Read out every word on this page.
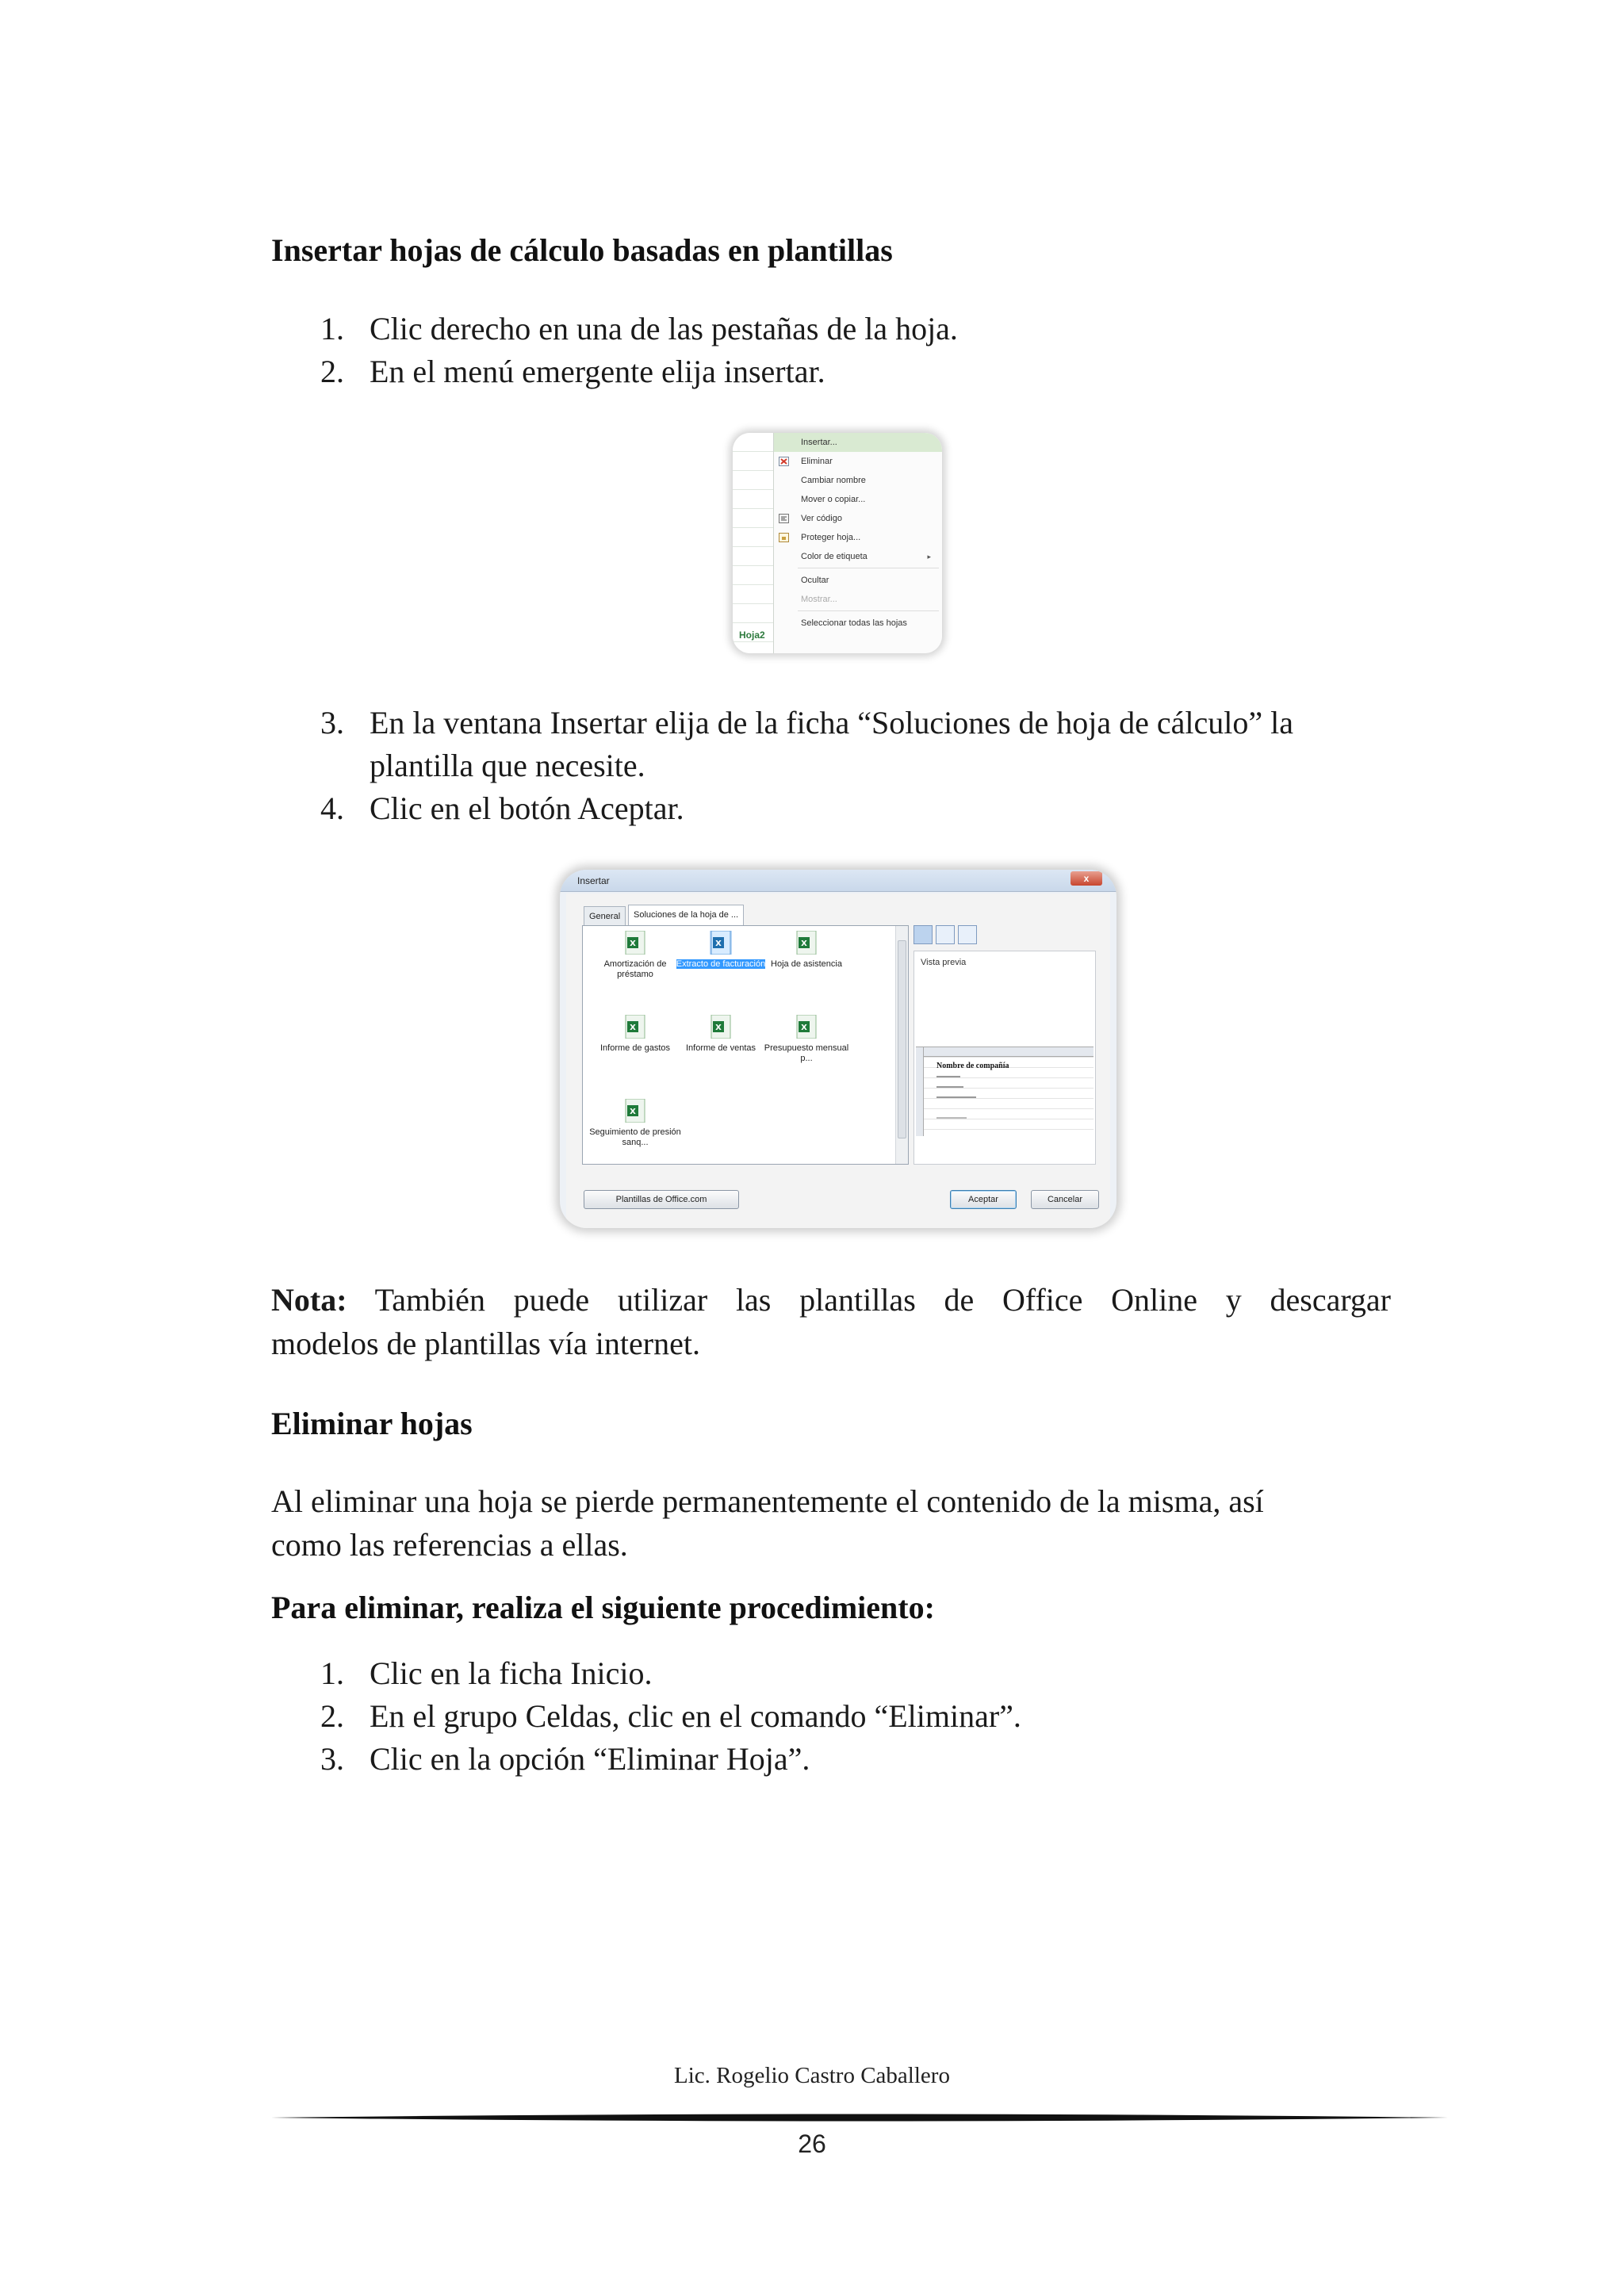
Insertar hojas de cálculo basadas en plantillas
1. Clic derecho en una de las pestañas de la hoja.
2. En el menú emergente elija insertar.
Insertar...
Eliminar
Cambiar nombre
Mover o copiar...
Ver código
Proteger hoja...
Color de etiqueta	▸
Ocultar
Mostrar...
Seleccionar todas las hojas
Hoja2
3. En la ventana Insertar elija de la ficha “Soluciones de hoja de cálculo” la
plantilla que necesite.
4. Clic en el botón Aceptar.
Insertar	x
General	Soluciones de la hoja de ...
X
Amortización de préstamo
X
Extracto de facturación
X
Hoja de asistencia
X
Informe de gastos
X
Informe de ventas
X
Presupuesto mensual p...
X
Seguimiento de presión sanq...
Vista previa
Nombre de compañía
Plantillas de Office.com	Aceptar	Cancelar
Nota: También puede utilizar las plantillas de Office Online y descargar
modelos de plantillas vía internet.
Eliminar hojas
Al eliminar una hoja se pierde permanentemente el contenido de la misma, así
como las referencias a ellas.
Para eliminar, realiza el siguiente procedimiento:
1. Clic en la ficha Inicio.
2. En el grupo Celdas, clic en el comando “Eliminar”.
3. Clic en la opción “Eliminar Hoja”.
Lic. Rogelio Castro Caballero
26
